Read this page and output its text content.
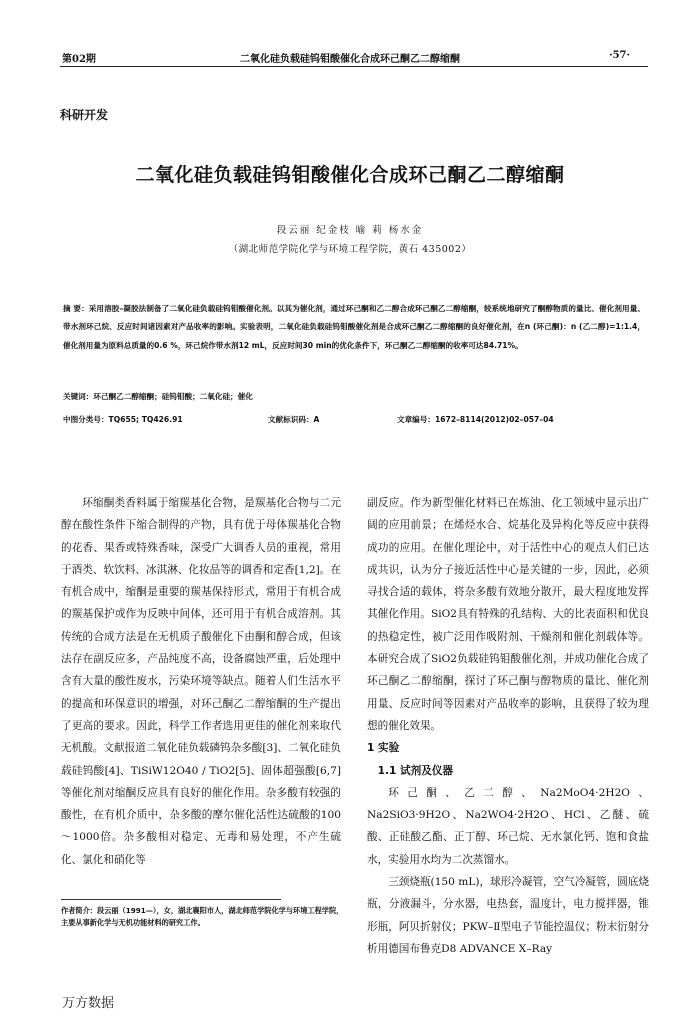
第02期	二氧化硅负载硅钨钼酸催化合成环己酮乙二醇缩酮	·57·
科研开发
二氧化硅负载硅钨钼酸催化合成环己酮乙二醇缩酮
段云丽 纪金枝 喻 莉 杨水金
（湖北师范学院化学与环境工程学院，黄石 435002）
摘 要：采用溶胶–凝胶法制备了二氧化硅负载硅钨钼酸催化剂。以其为催化剂，通过环己酮和乙二醇合成环己酮乙二醇缩酮，较系统地研究了酮醇物质的量比、催化剂用量、带水剂环己烷、反应时间诸因素对产品收率的影响。实验表明，二氧化硅负载硅钨钼酸催化剂是合成环己酮乙二醇缩酮的良好催化剂，在n (环己酮)：n (乙二醇)=1:1.4，催化剂用量为原料总质量的0.6 %，环己烷作带水剂12 mL，反应时间30 min的优化条件下，环己酮乙二醇缩酮的收率可达84.71%。
关键词：环己酮乙二醇缩酮；硅钨钼酸；二氧化硅；催化
中图分类号：TQ655; TQ426.91	文献标识码：A	文章编号：1672–8114(2012)02–057–04

环缩酮类香料属于缩羰基化合物，是羰基化合物与二元醇在酸性条件下缩合制得的产物，具有优于母体羰基化合物的花香、果香或特殊香味，深受广大调香人员的重视，常用于酒类、软饮料、冰淇淋、化妆品等的调香和定香[1,2]。在有机合成中，缩酮是重要的羰基保持形式，常用于有机合成的羰基保护或作为反映中间体，还可用于有机合成溶剂。其传统的合成方法是在无机质子酸催化下由酮和醇合成，但该法存在副反应多，产品纯度不高，设备腐蚀严重，后处理中含有大量的酸性废水，污染环境等缺点。随着人们生活水平的提高和环保意识的增强，对环己酮乙二醇缩酮的生产提出了更高的要求。因此，科学工作者选用更佳的催化剂来取代无机酸。文献报道二氧化硅负载磷钨杂多酸[3]、二氧化硅负载硅钨酸[4]、TiSiW12O40 / TiO2[5]、固体超强酸[6,7]等催化剂对缩酮反应具有良好的催化作用。杂多酸有较强的酸性，在有机介质中，杂多酸的摩尔催化活性达硫酸的100～1000倍。杂多酸相对稳定、无毒和易处理，不产生硫化、氯化和硝化等

副反应。作为新型催化材料已在炼油、化工领域中显示出广阔的应用前景；在烯烃水合、烷基化及异构化等反应中获得成功的应用。在催化理论中，对于活性中心的观点人们已达成共识，认为分子接近活性中心是关键的一步，因此，必须寻找合适的载体，将杂多酸有效地分散开，最大程度地发挥其催化作用。SiO2具有特殊的孔结构、大的比表面积和优良的热稳定性，被广泛用作吸附剂、干燥剂和催化剂载体等。本研究合成了SiO2负载硅钨钼酸催化剂，并成功催化合成了环己酮乙二醇缩酮，探讨了环己酮与醇物质的量比、催化剂用量、反应时间等因素对产品收率的影响，且获得了较为理想的催化效果。

1 实验
1.1 试剂及仪器

环己酮、乙二醇、Na2MoO4·2H2O、Na2SiO3·9H2O、Na2WO4·2H2O、HCl、乙醚、硫酸、正硅酸乙酯、正丁醇、环己烷、无水氯化钙、饱和食盐水，实验用水均为二次蒸馏水。

三颈烧瓶(150 mL)，球形冷凝管，空气冷凝管，圆底烧瓶，分液漏斗，分水器，电热套，温度计，电力搅拌器，锥形瓶，阿贝折射仪；PKW–Ⅱ型电子节能控温仪；粉末衍射分析用德国布鲁克D8 ADVANCE X–Ray

作者简介：段云丽（1991—），女，湖北襄阳市人，湖北师范学院化学与环境工程学院，主要从事新化学与无机功能材料的研究工作。
万方数据
